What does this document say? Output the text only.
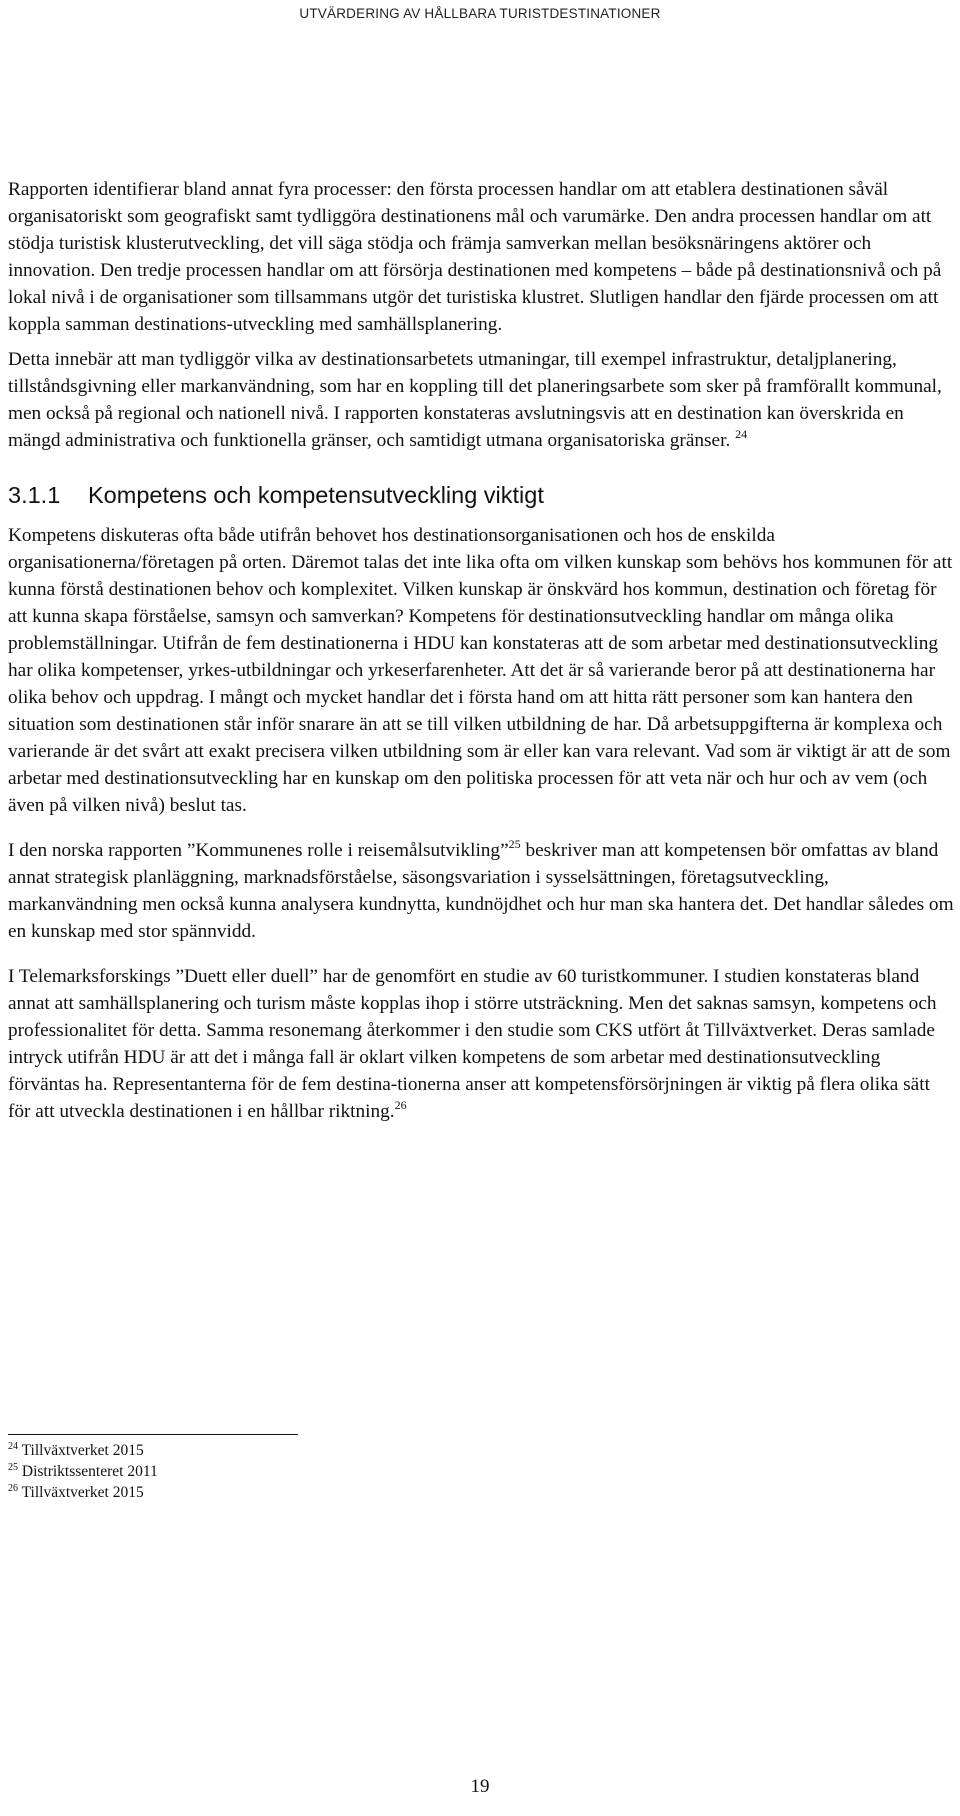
UTVÄRDERING AV HÅLLBARA TURISTDESTINATIONER

Rapporten identifierar bland annat fyra processer: den första processen handlar om att etablera destinationen såväl organisatoriskt som geografiskt samt tydliggöra destinationens mål och varumärke. Den andra processen handlar om att stödja turistisk klusterutveckling, det vill säga stödja och främja samverkan mellan besöksnäringens aktörer och innovation. Den tredje processen handlar om att försörja destinationen med kompetens – både på destinationsnivå och på lokal nivå i de organisationer som tillsammans utgör det turistiska klustret. Slutligen handlar den fjärde processen om att koppla samman destinations-utveckling med samhällsplanering.

Detta innebär att man tydliggör vilka av destinationsarbetets utmaningar, till exempel infrastruktur, detaljplanering, tillståndsgivning eller markanvändning, som har en koppling till det planeringsarbete som sker på framförallt kommunal, men också på regional och nationell nivå. I rapporten konstateras avslutningsvis att en destination kan överskrida en mängd administrativa och funktionella gränser, och samtidigt utmana organisatoriska gränser. $^{24}$

3.1.1 Kompetens och kompetensutveckling viktigt

Kompetens diskuteras ofta både utifrån behovet hos destinationsorganisationen och hos de enskilda organisationerna/företagen på orten. Däremot talas det inte lika ofta om vilken kunskap som behövs hos kommunen för att kunna förstå destinationen behov och komplexitet. Vilken kunskap är önskvärd hos kommun, destination och företag för att kunna skapa förståelse, samsyn och samverkan? Kompetens för destinationsutveckling handlar om många olika problemställningar. Utifrån de fem destinationerna i HDU kan konstateras att de som arbetar med destinationsutveckling har olika kompetenser, yrkes-utbildningar och yrkeserfarenheter. Att det är så varierande beror på att destinationerna har olika behov och uppdrag. I mångt och mycket handlar det i första hand om att hitta rätt personer som kan hantera den situation som destinationen står inför snarare än att se till vilken utbildning de har. Då arbetsuppgifterna är komplexa och varierande är det svårt att exakt precisera vilken utbildning som är eller kan vara relevant. Vad som är viktigt är att de som arbetar med destinationsutveckling har en kunskap om den politiska processen för att veta när och hur och av vem (och även på vilken nivå) beslut tas.

I den norska rapporten ”Kommunenes rolle i reisemålsutvikling”$^{25}$ beskriver man att kompetensen bör omfattas av bland annat strategisk planläggning, marknadsförståelse, säsongsvariation i sysselsättningen, företagsutveckling, markanvändning men också kunna analysera kundnytta, kundnöjdhet och hur man ska hantera det. Det handlar således om en kunskap med stor spännvidd.

I Telemarksforskings ”Duett eller duell” har de genomfört en studie av 60 turistkommuner. I studien konstateras bland annat att samhällsplanering och turism måste kopplas ihop i större utsträckning. Men det saknas samsyn, kompetens och professionalitet för detta. Samma resonemang återkommer i den studie som CKS utfört åt Tillväxtverket. Deras samlade intryck utifrån HDU är att det i många fall är oklart vilken kompetens de som arbetar med destinationsutveckling förväntas ha. Representanterna för de fem destina-tionerna anser att kompetensförsörjningen är viktig på flera olika sätt för att utveckla destinationen i en hållbar riktning.$^{26}$

$^{24}$ Tillväxtverket 2015
$^{25}$ Distriktssenteret 2011
$^{26}$ Tillväxtverket 2015
19
